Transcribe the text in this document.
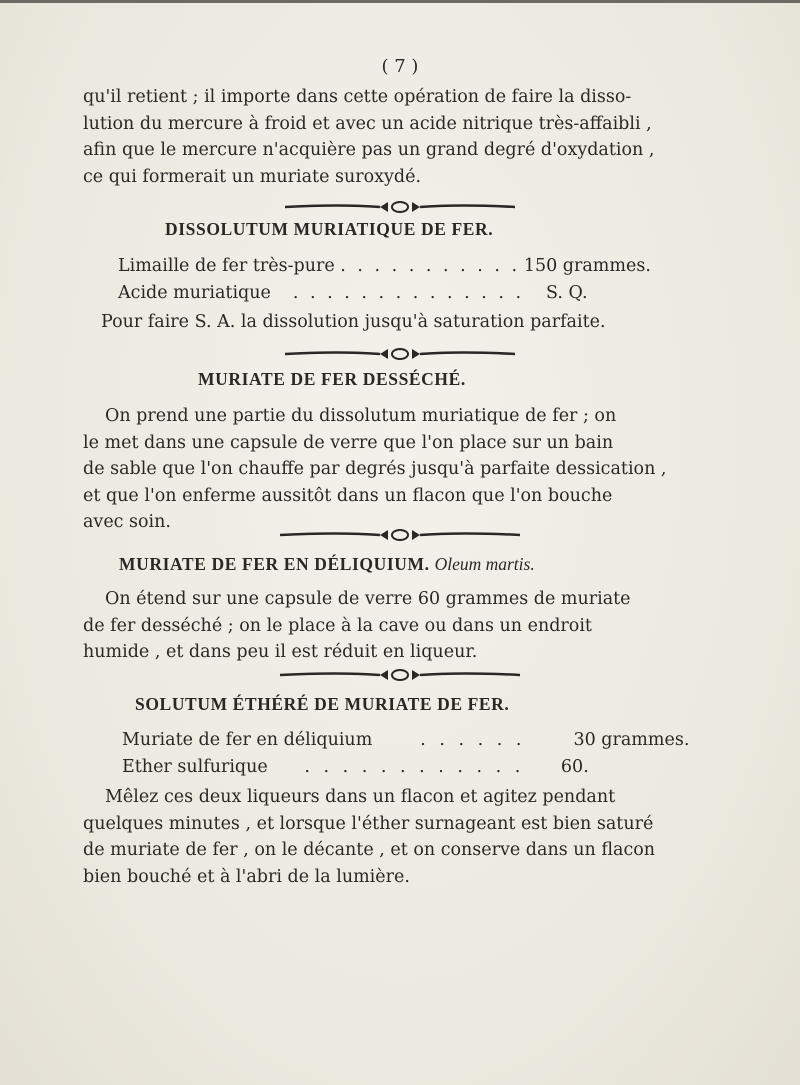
( 7 )
qu'il retient ; il importe dans cette opération de faire la disso-
lution du mercure à froid et avec un acide nitrique très-affaibli ,
afin que le mercure n'acquière pas un grand degré d'oxydation ,
ce qui formerait un muriate suroxydé.
DISSOLUTUM MURIATIQUE DE FER.
Limaille de fer très-pure . . . . . . . . . . . 150 grammes.
Acide muriatique . . . . . . . . . . . . . . S. Q.
Pour faire S. A. la dissolution jusqu'à saturation parfaite.
MURIATE DE FER DESSÉCHÉ.

On prend une partie du dissolutum muriatique de fer ; on

le met dans une capsule de verre que l'on place sur un bain
de sable que l'on chauffe par degrés jusqu'à parfaite dessication ,
et que l'on enferme aussitôt dans un flacon que l'on bouche
avec soin.
MURIATE DE FER EN DÉLIQUIUM. Oleum martis.

On étend sur une capsule de verre 60 grammes de muriate

de fer desséché ; on le place à la cave ou dans un endroit
humide , et dans peu il est réduit en liqueur.
SOLUTUM ÉTHÉRÉ DE MURIATE DE FER.
Muriate de fer en déliquium	. . . . . .	30 grammes.
Ether sulfurique . . . . . . . . . . . . 60.

Mêlez ces deux liqueurs dans un flacon et agitez pendant

quelques minutes , et lorsque l'éther surnageant est bien saturé
de muriate de fer , on le décante , et on conserve dans un flacon
bien bouché et à l'abri de la lumière.
